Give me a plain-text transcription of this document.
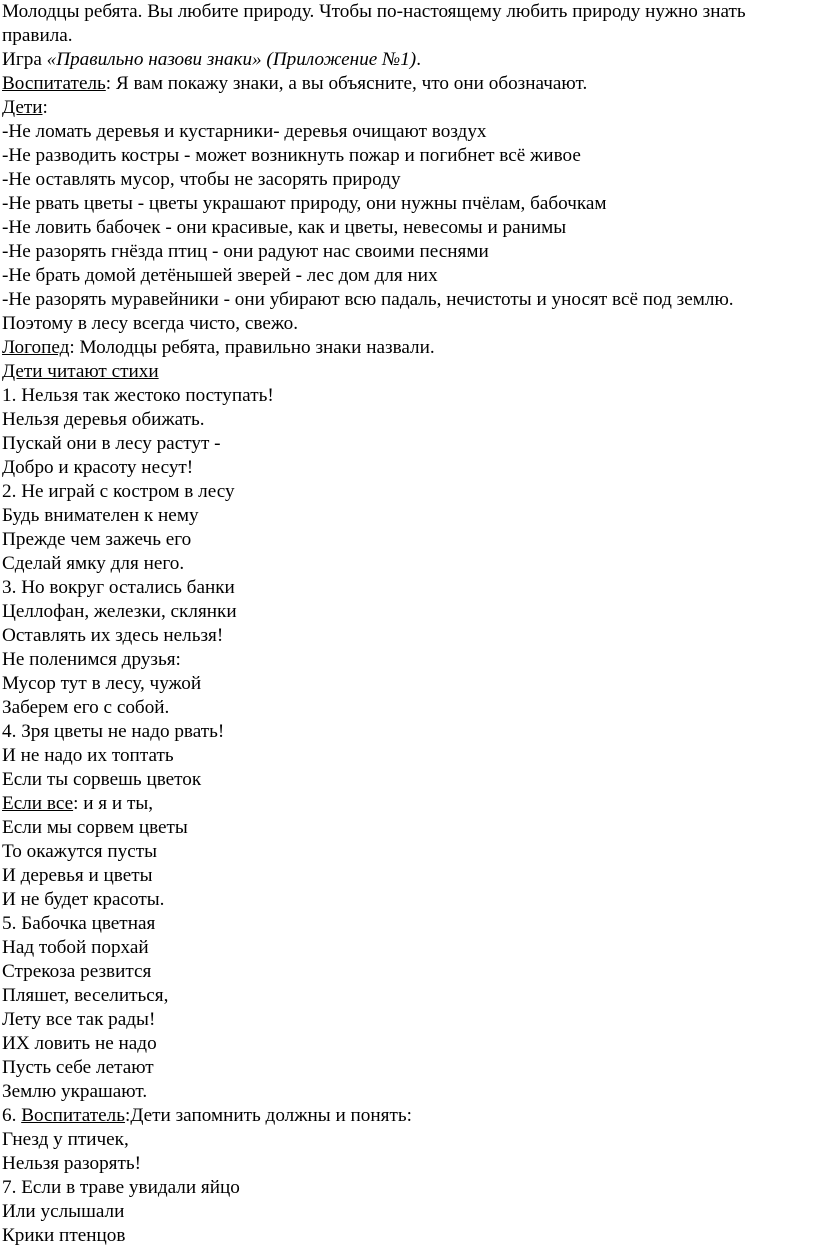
Молодцы ребята. Вы любите природу. Чтобы по-настоящему любить природу нужно знать правила.
Игра «Правильно назови знаки» (Приложение №1).
Воспитатель: Я вам покажу знаки, а вы объясните, что они обозначают.
Дети:
-Не ломать деревья и кустарники- деревья очищают воздух
-Не разводить костры - может возникнуть пожар и погибнет всё живое
-Не оставлять мусор, чтобы не засорять природу
-Не рвать цветы - цветы украшают природу, они нужны пчёлам, бабочкам
-Не ловить бабочек - они красивые, как и цветы, невесомы и ранимы
-Не разорять гнёзда птиц - они радуют нас своими песнями
-Не брать домой детёнышей зверей - лес дом для них
-Не разорять муравейники - они убирают всю падаль, нечистоты и уносят всё под землю.
Поэтому в лесу всегда чисто, свежо.
Логопед: Молодцы ребята, правильно знаки назвали.
Дети читают стихи
1. Нельзя так жестоко поступать!
Нельзя деревья обижать.
Пускай они в лесу растут -
Добро и красоту несут!
2. Не играй с костром в лесу
Будь внимателен к нему
Прежде чем зажечь его
Сделай ямку для него.
3. Но вокруг остались банки
Целлофан, железки, склянки
Оставлять их здесь нельзя!
Не поленимся друзья:
Мусор тут в лесу, чужой
Заберем его с собой.
4. Зря цветы не надо рвать!
И не надо их топтать
Если ты сорвешь цветок
Если все: и я и ты,
Если мы сорвем цветы
То окажутся пусты
И деревья и цветы
И не будет красоты.
5. Бабочка цветная
Над тобой порхай
Стрекоза резвится
Пляшет, веселиться,
Лету все так рады!
ИХ ловить не надо
Пусть себе летают
Землю украшают.
6. Воспитатель:Дети запомнить должны и понять:
Гнезд у птичек,
Нельзя разорять!
7. Если в траве увидали яйцо
Или услышали
Крики птенцов
